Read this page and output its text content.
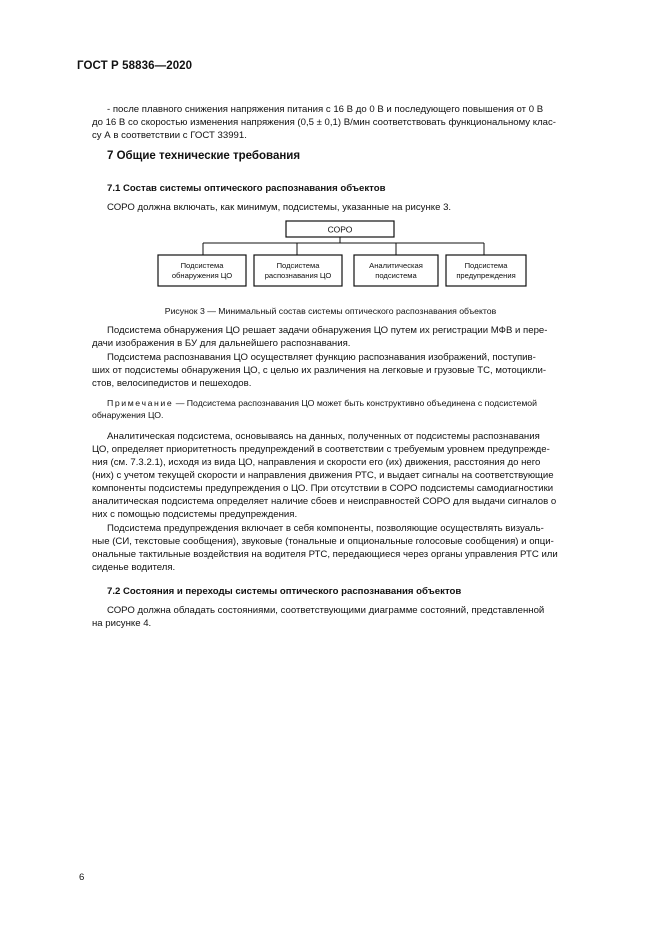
ГОСТ Р 58836—2020
- после плавного снижения напряжения питания с 16 В до 0 В и последующего повышения от 0 В
до 16 В со скоростью изменения напряжения (0,5 ± 0,1) В/мин соответствовать функциональному клас-
су А в соответствии с ГОСТ 33991.
7 Общие технические требования
7.1 Состав системы оптического распознавания объектов
СОРО должна включать, как минимум, подсистемы, указанные на рисунке 3.
СОРО
Подсистема
обнаружения ЦО
Подсистема
распознавания ЦО
Аналитическая
подсистема
Подсистема
предупреждения
Рисунок 3 — Минимальный состав системы оптического распознавания объектов
Подсистема обнаружения ЦО решает задачи обнаружения ЦО путем их регистрации МФВ и пере-
дачи изображения в БУ для дальнейшего распознавания.
Подсистема распознавания ЦО осуществляет функцию распознавания изображений, поступив-
ших от подсистемы обнаружения ЦО, с целью их различения на легковые и грузовые ТС, мотоцикли-
стов, велосипедистов и пешеходов.
Примечание — Подсистема распознавания ЦО может быть конструктивно объединена с подсистемой
обнаружения ЦО.
Аналитическая подсистема, основываясь на данных, полученных от подсистемы распознавания
ЦО, определяет приоритетность предупреждений в соответствии с требуемым уровнем предупрежде-
ния (см. 7.3.2.1), исходя из вида ЦО, направления и скорости его (их) движения, расстояния до него
(них) с учетом текущей скорости и направления движения РТС, и выдает сигналы на соответствующие
компоненты подсистемы предупреждения о ЦО. При отсутствии в СОРО подсистемы самодиагностики
аналитическая подсистема определяет наличие сбоев и неисправностей СОРО для выдачи сигналов о
них с помощью подсистемы предупреждения.
Подсистема предупреждения включает в себя компоненты, позволяющие осуществлять визуаль-
ные (СИ, текстовые сообщения), звуковые (тональные и опциональные голосовые сообщения) и опци-
ональные тактильные воздействия на водителя РТС, передающиеся через органы управления РТС или
сиденье водителя.
7.2 Состояния и переходы системы оптического распознавания объектов
СОРО должна обладать состояниями, соответствующими диаграмме состояний, представленной
на рисунке 4.
6
